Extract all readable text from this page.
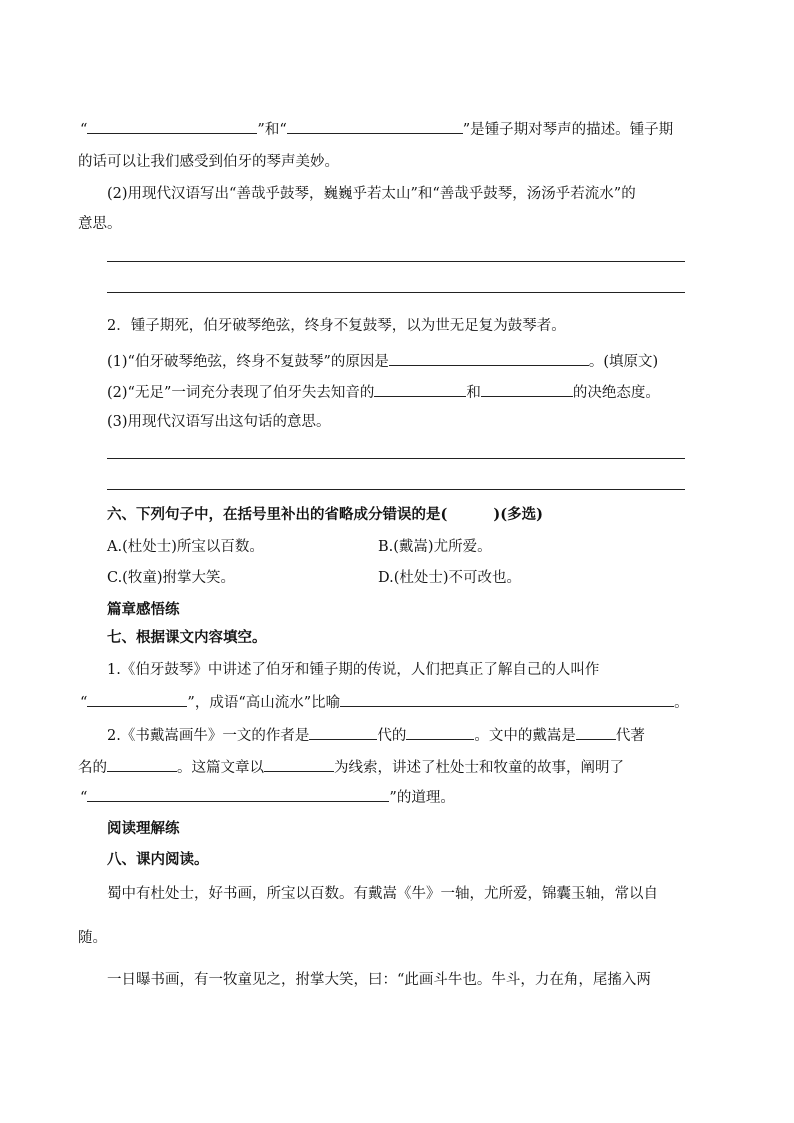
“	”和“	”是锺子期对琴声的描述。锺子期
的话可以让我们感受到伯牙的琴声美妙。
(2)用现代汉语写出“善哉乎鼓琴，巍巍乎若太山”和“善哉乎鼓琴，汤汤乎若流水”的
意思。
2．锺子期死，伯牙破琴绝弦，终身不复鼓琴，以为世无足复为鼓琴者。
(1)“伯牙破琴绝弦，终身不复鼓琴”的原因是	。(填原文)
(2)“无足”一词充分表现了伯牙失去知音的	和	的决绝态度。
(3)用现代汉语写出这句话的意思。
六、下列句子中，在括号里补出的省略成分错误的是(	)(多选)
A.(杜处士)所宝以百数。	B.(戴嵩)尤所爱。
C.(牧童)拊掌大笑。	D.(杜处士)不可改也。
篇章感悟练
七、根据课文内容填空。
1.《伯牙鼓琴》中讲述了伯牙和锺子期的传说，人们把真正了解自己的人叫作
“	”，成语“高山流水”比喻	。
2.《书戴嵩画牛》一文的作者是	代的	。文中的戴嵩是	代著
名的	。这篇文章以	为线索，讲述了杜处士和牧童的故事，阐明了
“	”的道理。
阅读理解练
八、课内阅读。
蜀中有杜处士，好书画，所宝以百数。有戴嵩《牛》一轴，尤所爱，锦囊玉轴，常以自
随。
一日曝书画，有一牧童见之，拊掌大笑，曰：“此画斗牛也。牛斗，力在角，尾搐入两
